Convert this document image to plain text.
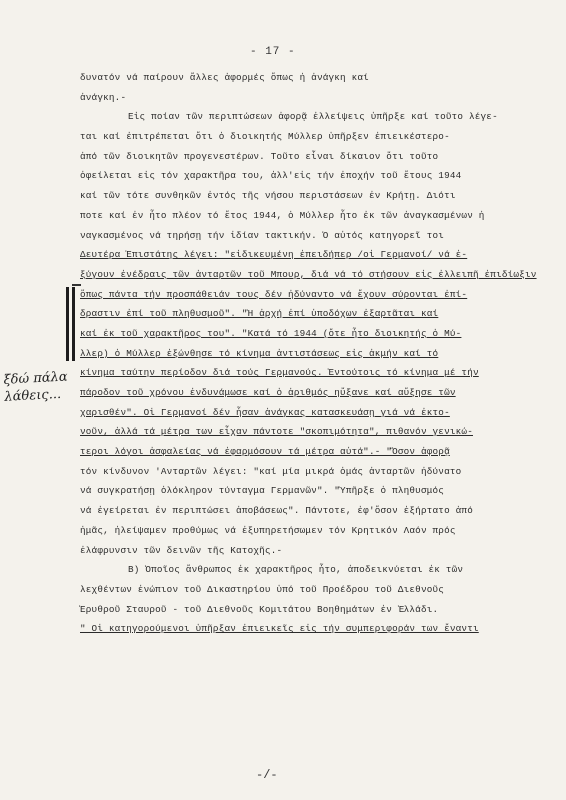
- 17 -
ξδώ πάλα
λάθεις...
δυνατόν νά παίρουν ἄλλες ἀφορμές ὅπως ἡ ἀνάγκη καί
ἀνάγκη.-
Εἰς ποίαν τῶν περιπτώσεων ἀφορᾷ ἐλλείψεις ὑπῆρξε καί τοῦτο λέγε-
ται καί ἐπιτρέπεται ὅτι ὁ διοικητής Μύλλερ ὑπῆρξεν ἐπιεικέστερο-
ἀπό τῶν διοικητῶν προγενεστέρων. Τοῦτο εἶναι δίκαιον ὅτι τοῦτο
ὀφείλεται εἰς τόν χαρακτῆρα του, ἀλλ'εἰς τήν ἐποχήν τοῦ ἔτους 1944
καί τῶν τότε συνθηκῶν ἐντός τῆς νήσου περιστάσεων ἐν Κρήτῃ. Διότι
ποτε καί ἐν ἦτο πλέον τό ἔτος 1944, ὁ Μύλλερ ἦτο ἐκ τῶν ἀναγκασμένων ἠ
ναγκασμένος νά τηρήσῃ τήν ἰδίαν τακτικήν. Ὁ αὐτός κατηγορεῖ τοι
Δευτέρα Ἐπιστάτης λέγει: "εἰδικευμένη ἐπειδήπερ /οἱ Γερμανοί/ νά ἐ-
ξύγουν ἐνέδραις τῶν ἀνταρτῶν τοῦ Μπουρ, διά νά τό στήσουν εἰς ἐλλειπῆ ἐπιδίωξιν
ὅπως πάντα τήν προσπάθειάν τους δέν ἠδύναντο νά ἔχουν σύρονται ἐπί-
δραστιν ἐπί τοῦ πληθυσμοῦ". "Ἡ ἀρχή ἐπί ὑποδόχων ἐξαρτᾶται καί
καί ἐκ τοῦ χαρακτῆρος του". "Κατά τό 1944 (ὅτε ἦτο διοικητής ὁ Μύ-
λλερ) ὁ Μύλλερ ἐξώνθησε τό κίνημα ἀντιστάσεως εἰς ἀκμήν καί τό
κίνημα ταύτην περίοδον διά τούς Γερμανούς. Ἐντούτοις τό κίνημα μέ τήν
πάροδον τοῦ χρόνου ἐνδυνάμωσε καί ὁ ἀριθμός ηὔξανε καί αὔξησε τῶν
χαρισθέν". Οἱ Γερμανοί δέν ἦσαν ἀνάγκας κατασκευάσῃ γιά νά ἐκτο-
νοῦν, ἀλλά τά μέτρα των εἶχαν πάντοτε "σκοπιμότητα", πιθανόν γενικώ-
τεροι λόγοι ἀσφαλείας νά ἐφαρμόσουν τά μέτρα αὐτά".- "Ὅσον ἀφορᾷ
τόν κίνδυνον 'Ανταρτῶν λέγει: "καί μία μικρά ὁμάς ἀνταρτῶν ἠδύνατο
νά συγκρατήσῃ ὁλόκληρον τύνταγμα Γερμανῶν". "Ὑπῆρξε ὁ πληθυσμός
νά ἐγείρεται ἐν περιπτώσει ἀποβάσεως". Πάντοτε, ἐφ'ὅσον ἐξήρτατο ἀπό
ἡμᾶς, ἠλείψαμεν προθύμως νά ἐξυπηρετήσωμεν τόν Κρητικόν Λαόν πρός
ἐλάφρυνσιν τῶν δεινῶν τῆς Κατοχῆς.-
Β) Ὁποῖος ἄνθρωπος ἐκ χαρακτῆρος ἦτο, ἀποδεικνύεται ἐκ τῶν
λεχθέντων ἐνώπιον τοῦ Δικαστηρίου ὑπό τοῦ Προέδρου τοῦ Διεθνοῦς
Ἐρυθροῦ Σταυροῦ - τοῦ Διεθνοῦς Κομιτάτου Βοηθημάτων ἐν Ἑλλάδι.
" Οἱ κατηγορούμενοι ὑπῆρξαν ἐπιεικεῖς εἰς τήν συμπεριφοράν των ἔναντι
-/-
